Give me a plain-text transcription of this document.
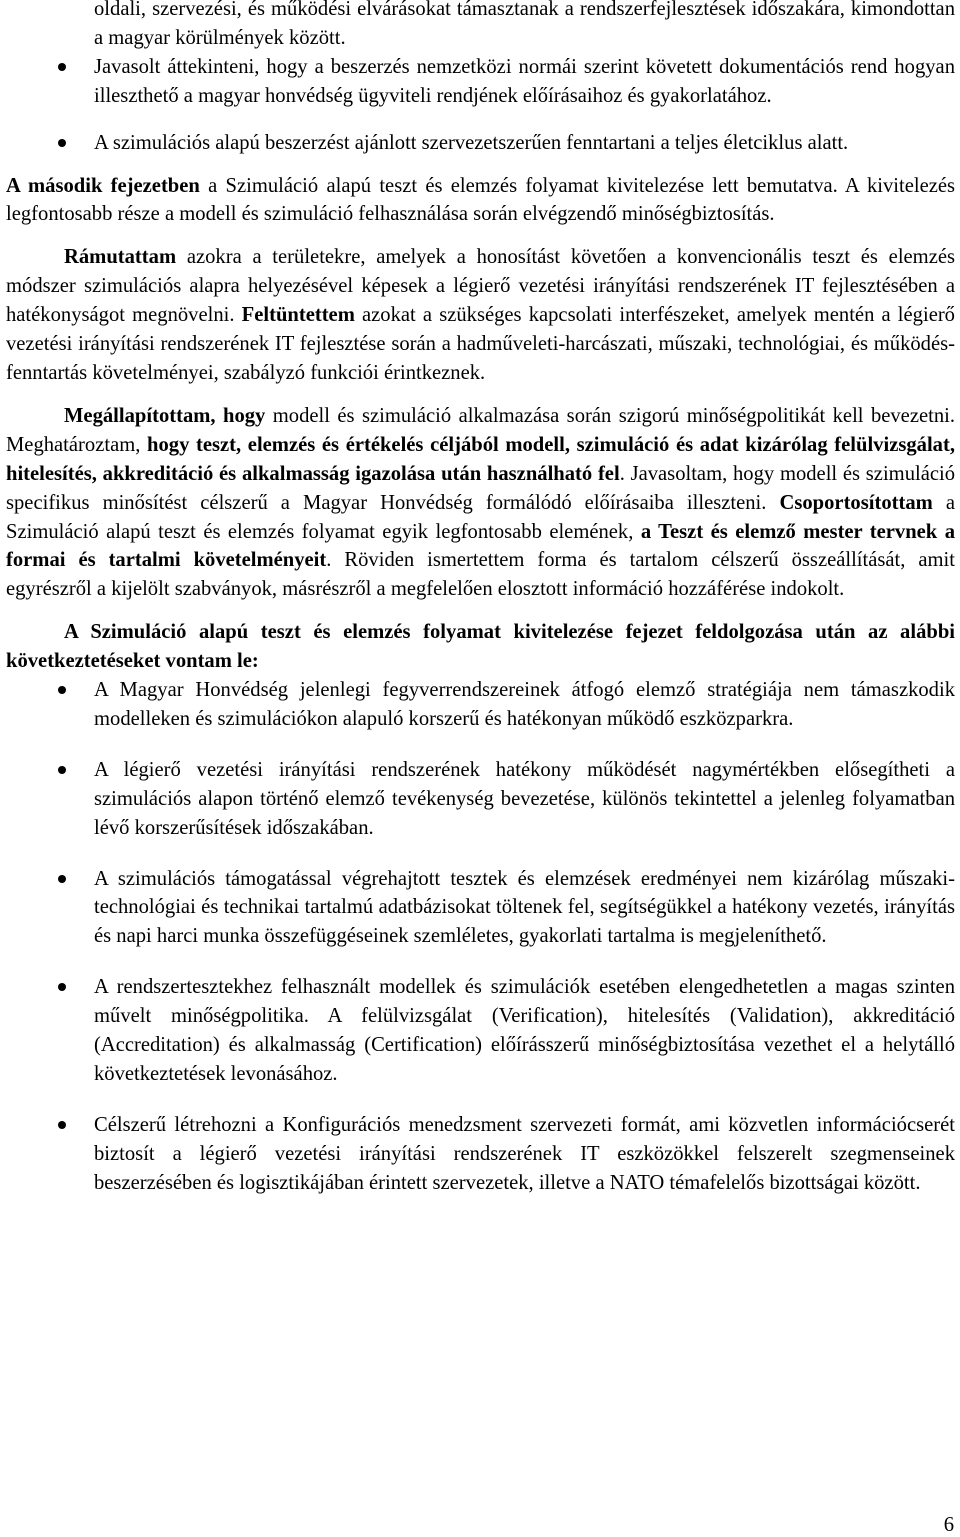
oldali, szervezési, és működési elvárásokat támasztanak a rendszerfejlesztések időszakára, kimondottan a magyar körülmények között.

Javasolt áttekinteni, hogy a beszerzés nemzetközi normái szerint követett dokumentációs rend hogyan illeszthető a magyar honvédség ügyviteli rendjének előírásaihoz és gyakorlatához.
A szimulációs alapú beszerzést ajánlott szervezetszerűen fenntartani a teljes életciklus alatt.

A második fejezetben a Szimuláció alapú teszt és elemzés folyamat kivitelezése lett bemutatva. A kivitelezés legfontosabb része a modell és szimuláció felhasználása során elvégzendő minőségbiztosítás.

Rámutattam azokra a területekre, amelyek a honosítást követően a konvencionális teszt és elemzés módszer szimulációs alapra helyezésével képesek a légierő vezetési irányítási rendszerének IT fejlesztésében a hatékonyságot megnövelni. Feltüntettem azokat a szükséges kapcsolati interfészeket, amelyek mentén a légierő vezetési irányítási rendszerének IT fejlesztése során a hadműveleti-harcászati, műszaki, technológiai, és működés-fenntartás követelményei, szabályzó funkciói érintkeznek.

Megállapítottam, hogy modell és szimuláció alkalmazása során szigorú minőségpolitikát kell bevezetni. Meghatároztam, hogy teszt, elemzés és értékelés céljából modell, szimuláció és adat kizárólag felülvizsgálat, hitelesítés, akkreditáció és alkalmasság igazolása után használható fel. Javasoltam, hogy modell és szimuláció specifikus minősítést célszerű a Magyar Honvédség formálódó előírásaiba illeszteni. Csoportosítottam a Szimuláció alapú teszt és elemzés folyamat egyik legfontosabb elemének, a Teszt és elemző mester tervnek a formai és tartalmi követelményeit. Röviden ismertettem forma és tartalom célszerű összeállítását, amit egyrészről a kijelölt szabványok, másrészről a megfelelően elosztott információ hozzáférése indokolt.

A Szimuláció alapú teszt és elemzés folyamat kivitelezése fejezet feldolgozása után az alábbi következtetéseket vontam le:

A Magyar Honvédség jelenlegi fegyverrendszereinek átfogó elemző stratégiája nem támaszkodik modelleken és szimulációkon alapuló korszerű és hatékonyan működő eszközparkra.
A légierő vezetési irányítási rendszerének hatékony működését nagymértékben elősegítheti a szimulációs alapon történő elemző tevékenység bevezetése, különös tekintettel a jelenleg folyamatban lévő korszerűsítések időszakában.
A szimulációs támogatással végrehajtott tesztek és elemzések eredményei nem kizárólag műszaki-technológiai és technikai tartalmú adatbázisokat töltenek fel, segítségükkel a hatékony vezetés, irányítás és napi harci munka összefüggéseinek szemléletes, gyakorlati tartalma is megjeleníthető.
A rendszertesztekhez felhasznált modellek és szimulációk esetében elengedhetetlen a magas szinten művelt minőségpolitika. A felülvizsgálat (Verification), hitelesítés (Validation), akkreditáció (Accreditation) és alkalmasság (Certification) előírásszerű minőségbiztosítása vezethet el a helytálló következtetések levonásához.
Célszerű létrehozni a Konfigurációs menedzsment szervezeti formát, ami közvetlen információcserét biztosít a légierő vezetési irányítási rendszerének IT eszközökkel felszerelt szegmenseinek beszerzésében és logisztikájában érintett szervezetek, illetve a NATO témafelelős bizottságai között.
6
